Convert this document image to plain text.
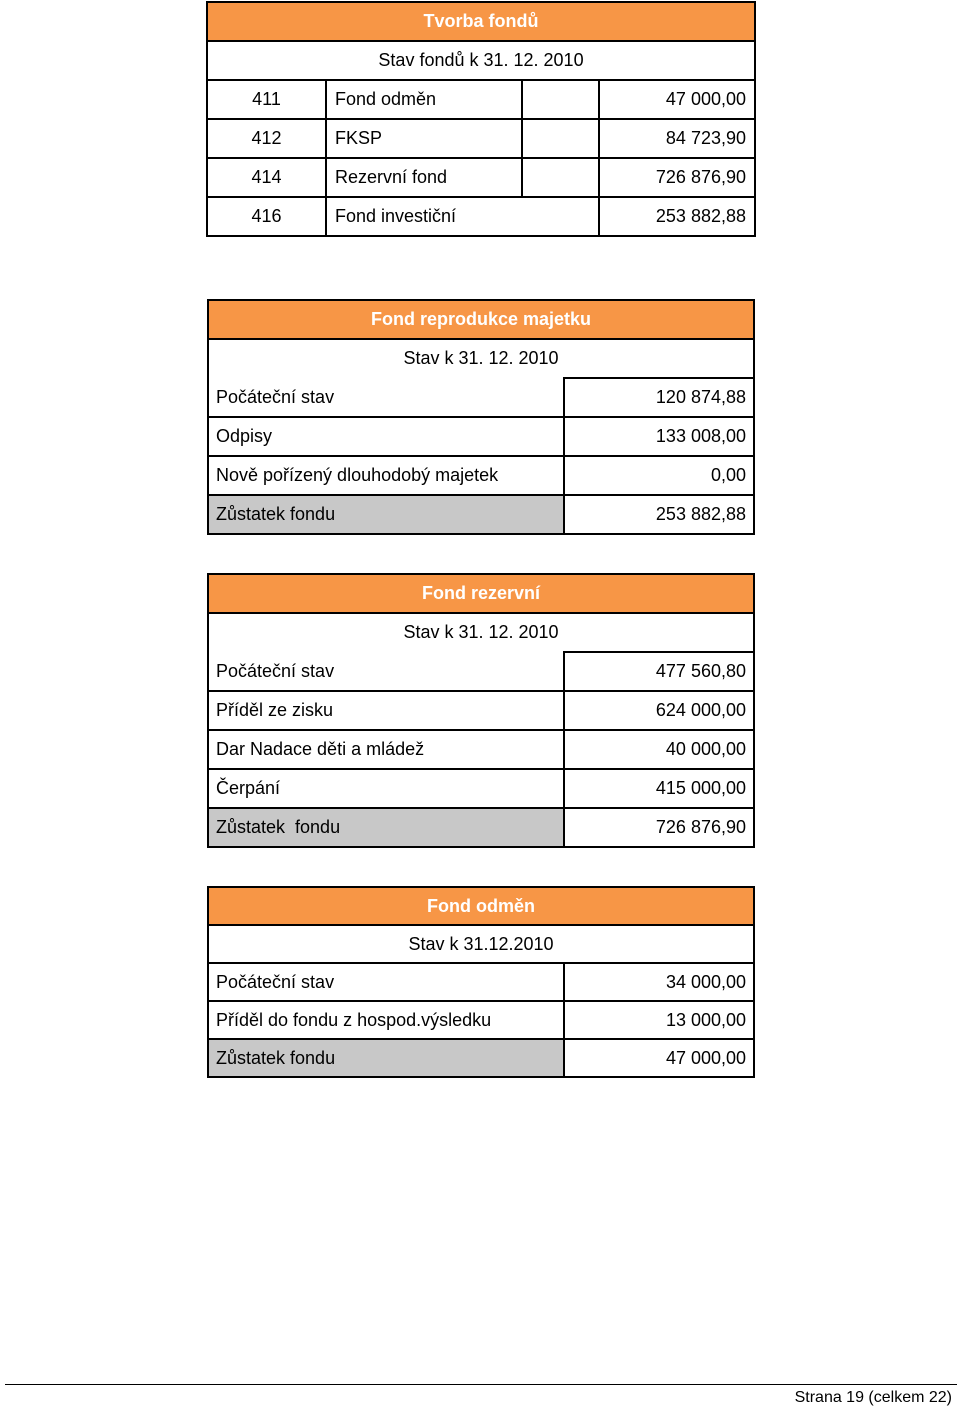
Tvorba fondů			
Stav fondů k 31. 12. 2010			
411	Fond odměn		47 000,00
412	FKSP		84 723,90
414	Rezervní fond		726 876,90
416	Fond investiční		253 882,88
Fond reprodukce majetku	
Stav k 31. 12. 2010	
Počáteční stav	120 874,88
Odpisy	133 008,00
Nově pořízený dlouhodobý majetek	0,00
Zůstatek fondu	253 882,88
Fond rezervní	
Stav k 31. 12. 2010	
Počáteční stav	477 560,80
Příděl ze zisku	624 000,00
Dar Nadace děti a mládež	40 000,00
Čerpání	415 000,00
Zůstatek  fondu	726 876,90
Fond odměn	
Stav k 31.12.2010	
Počáteční stav	34 000,00
Příděl do fondu z hospod.výsledku	13 000,00
Zůstatek fondu	47 000,00
Strana 19 (celkem 22)
